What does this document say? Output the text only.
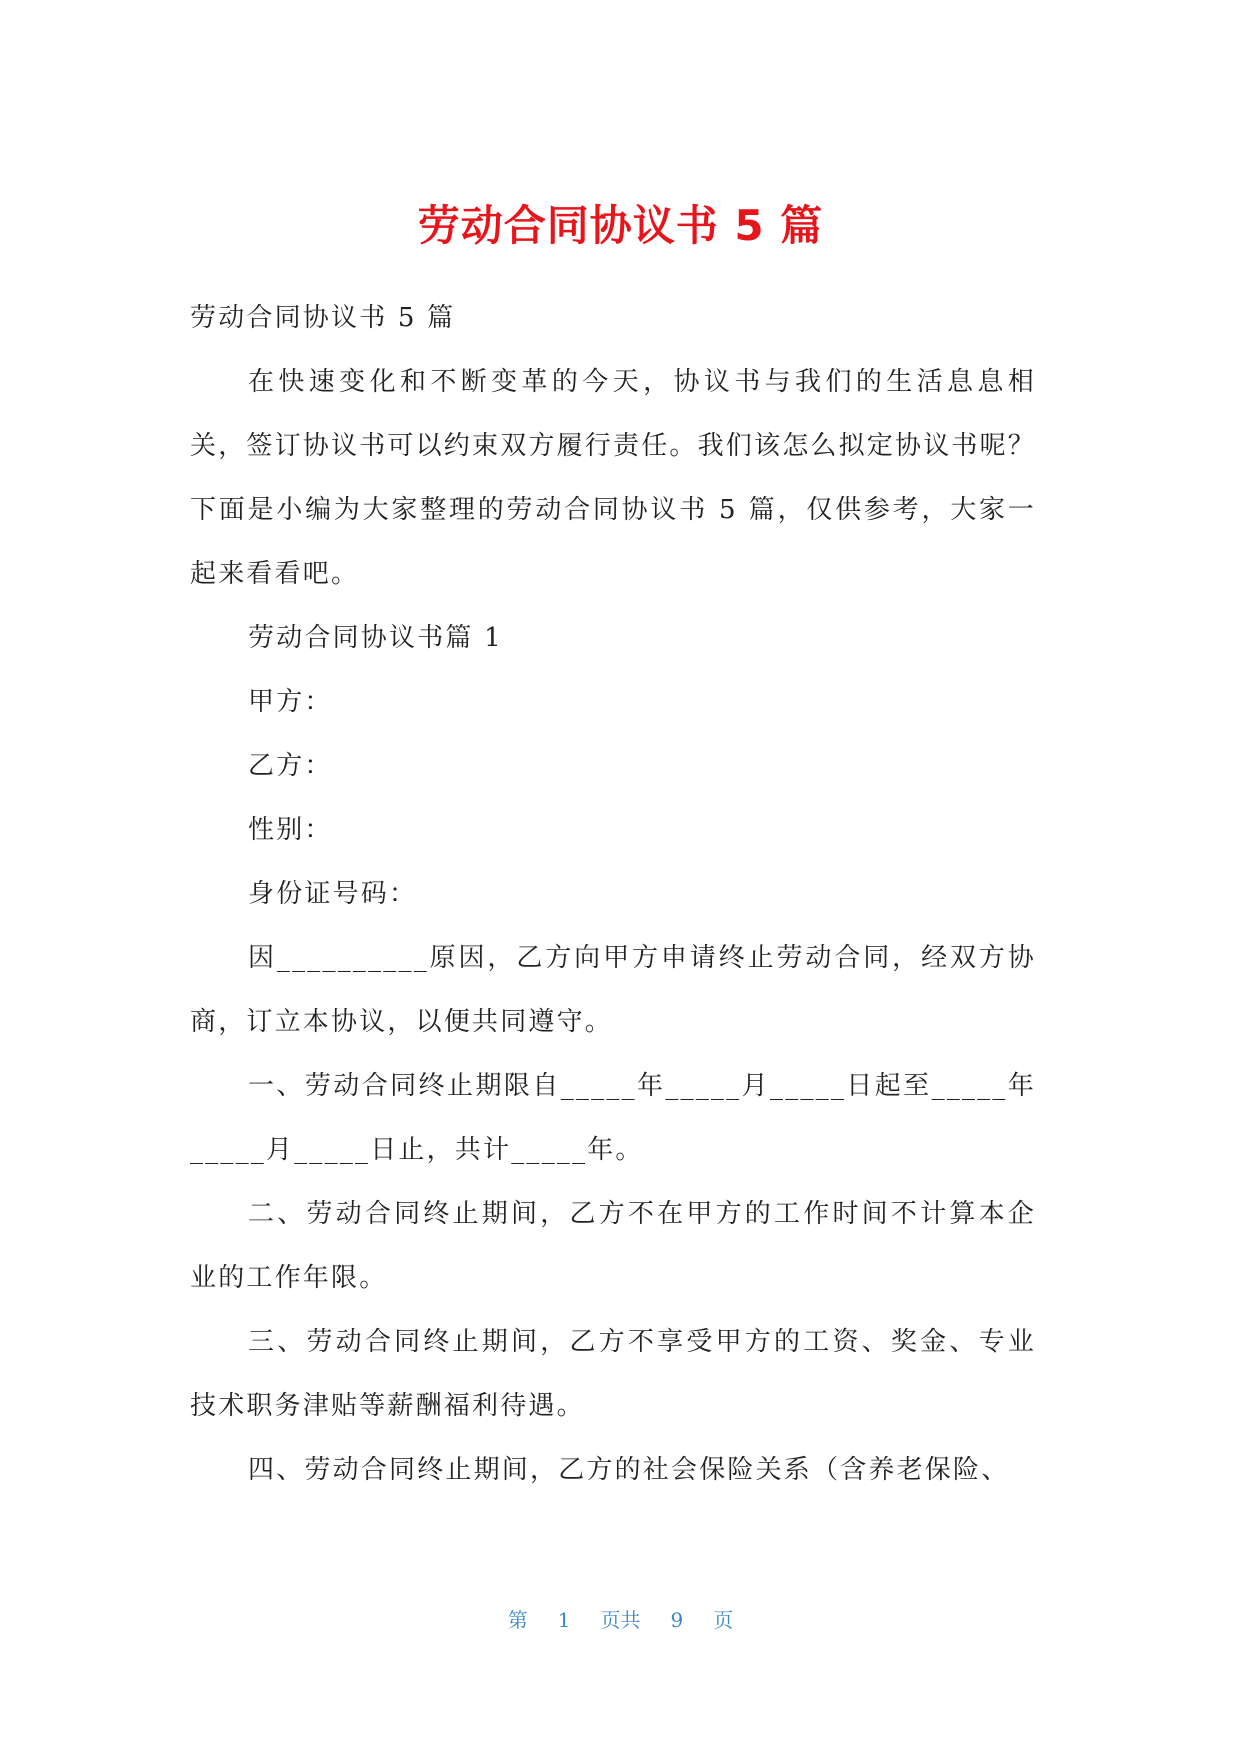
劳动合同协议书 5 篇

劳动合同协议书 5 篇

在快速变化和不断变革的今天，协议书与我们的生活息息相关，签订协议书可以约束双方履行责任。我们该怎么拟定协议书呢？下面是小编为大家整理的劳动合同协议书 5 篇，仅供参考，大家一起来看看吧。

劳动合同协议书篇 1

甲方：

乙方：

性别：

身份证号码：

因__________原因，乙方向甲方申请终止劳动合同，经双方协商，订立本协议，以便共同遵守。

一、劳动合同终止期限自_____年_____月_____日起至_____年_____月_____日止，共计_____年。

二、劳动合同终止期间，乙方不在甲方的工作时间不计算本企业的工作年限。

三、劳动合同终止期间，乙方不享受甲方的工资、奖金、专业技术职务津贴等薪酬福利待遇。

四、劳动合同终止期间，乙方的社会保险关系（含养老保险、

第 1 页共 9 页
